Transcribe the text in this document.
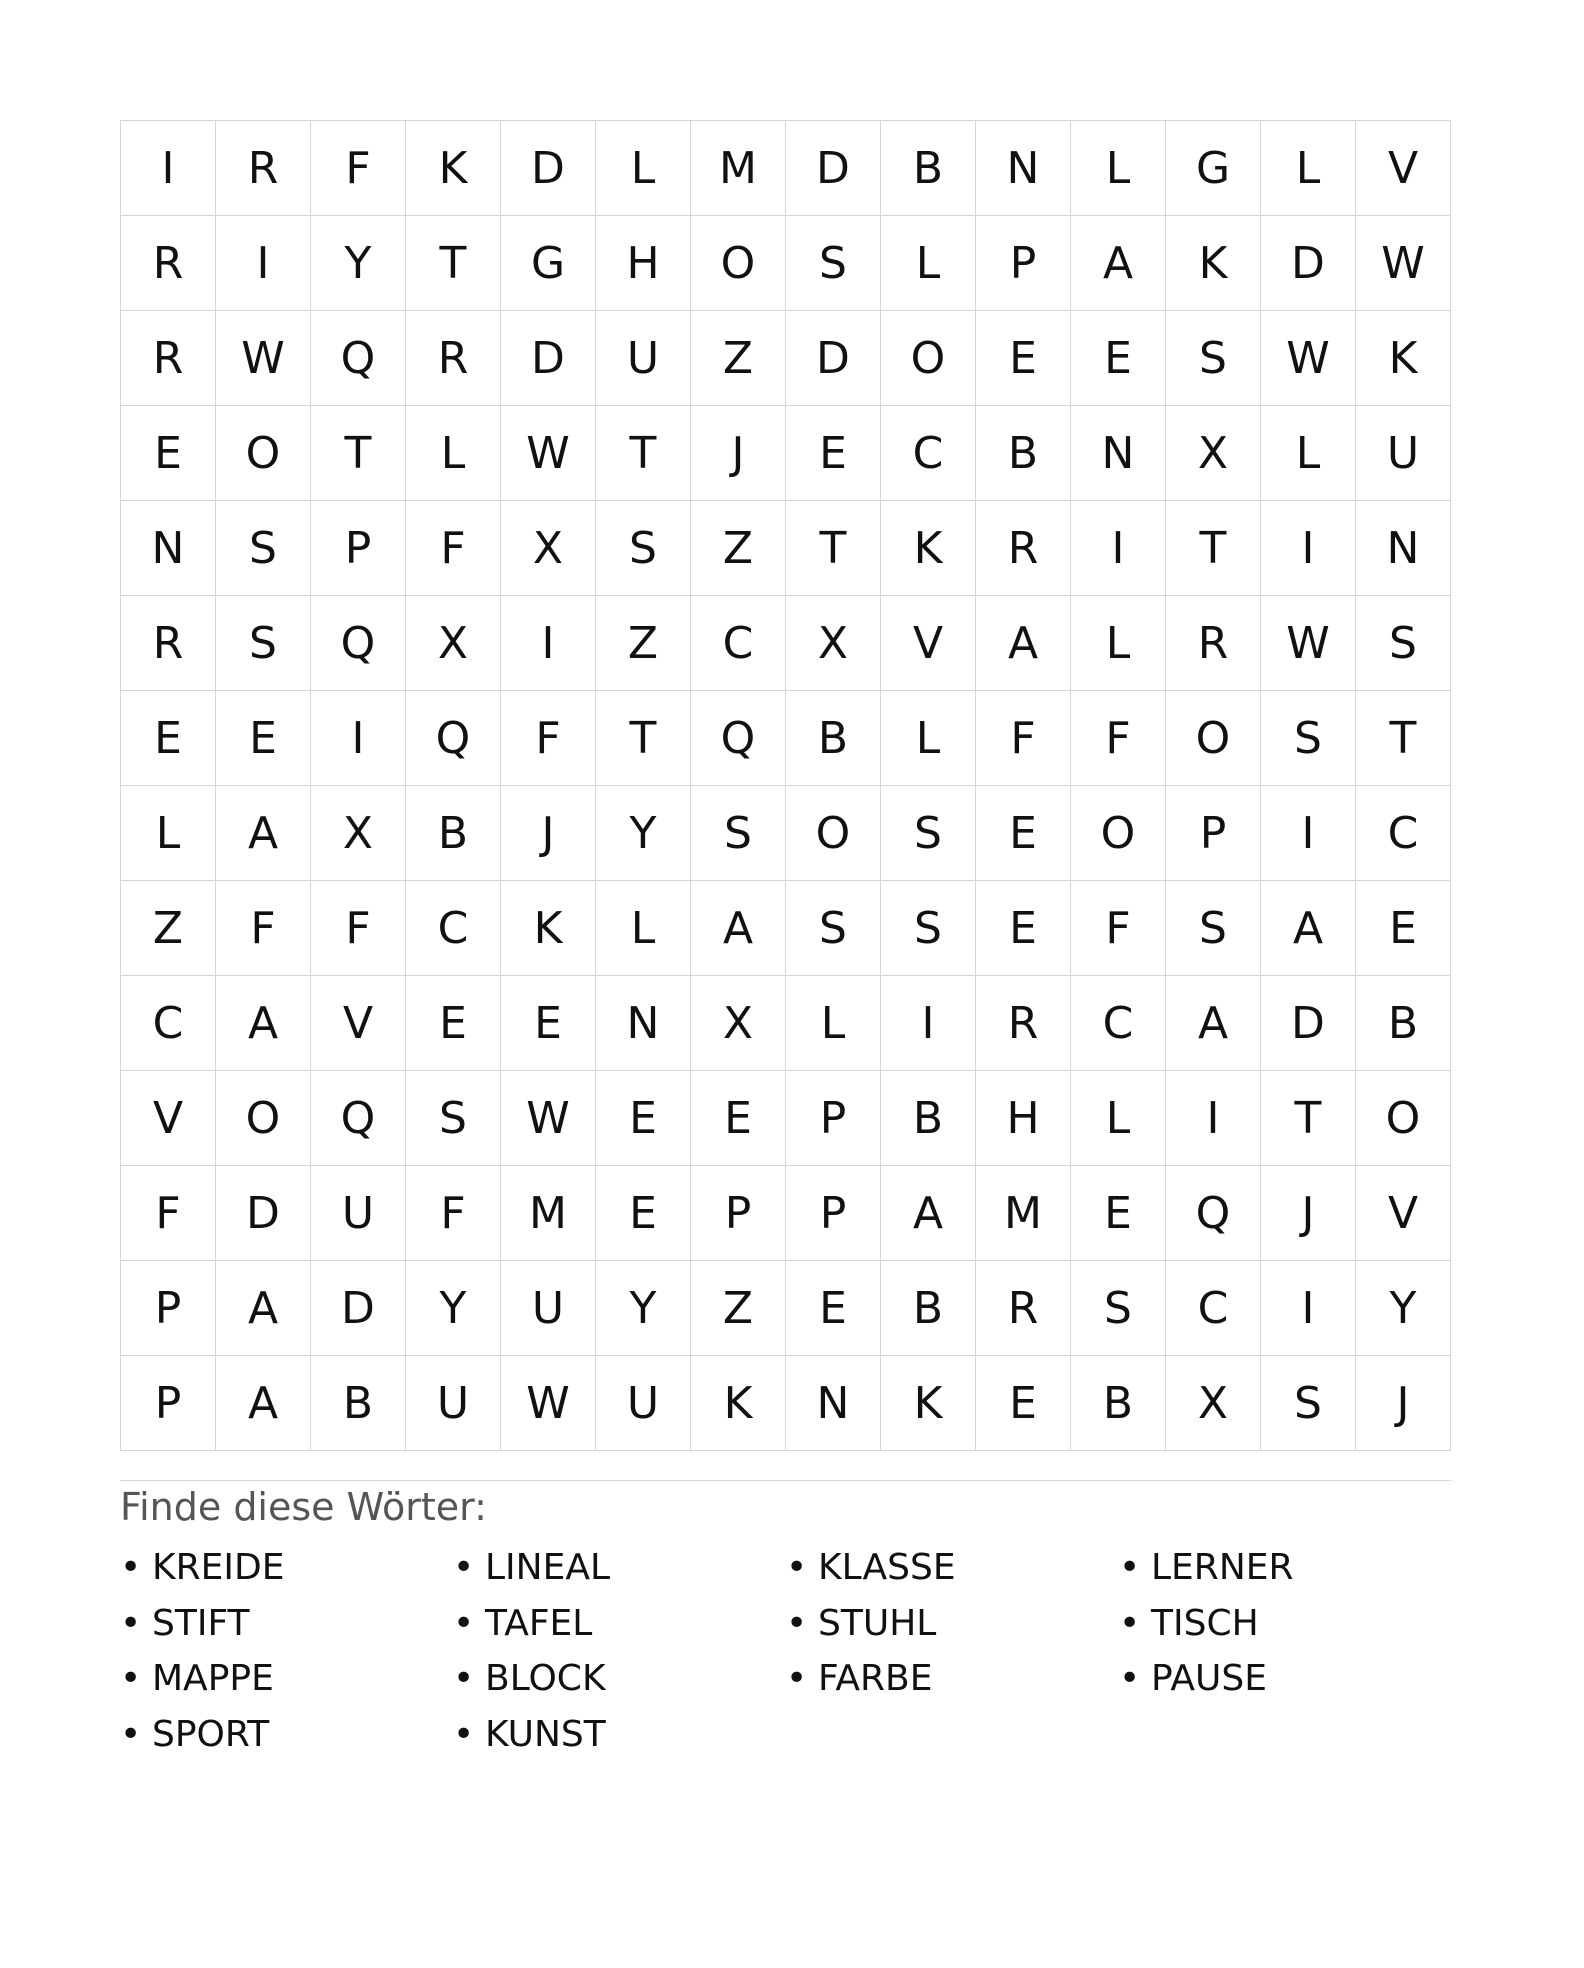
I	R	F	K	D	L	M	D	B	N	L	G	L	V
R	I	Y	T	G	H	O	S	L	P	A	K	D	W
R	W	Q	R	D	U	Z	D	O	E	E	S	W	K
E	O	T	L	W	T	J	E	C	B	N	X	L	U
N	S	P	F	X	S	Z	T	K	R	I	T	I	N
R	S	Q	X	I	Z	C	X	V	A	L	R	W	S
E	E	I	Q	F	T	Q	B	L	F	F	O	S	T
L	A	X	B	J	Y	S	O	S	E	O	P	I	C
Z	F	F	C	K	L	A	S	S	E	F	S	A	E
C	A	V	E	E	N	X	L	I	R	C	A	D	B
V	O	Q	S	W	E	E	P	B	H	L	I	T	O
F	D	U	F	M	E	P	P	A	M	E	Q	J	V
P	A	D	Y	U	Y	Z	E	B	R	S	C	I	Y
P	A	B	U	W	U	K	N	K	E	B	X	S	J
Finde diese Wörter:
• KREIDE	• LINEAL	• KLASSE	• LERNER
• STIFT	• TAFEL	• STUHL	• TISCH
• MAPPE	• BLOCK	• FARBE	• PAUSE
• SPORT	• KUNST
